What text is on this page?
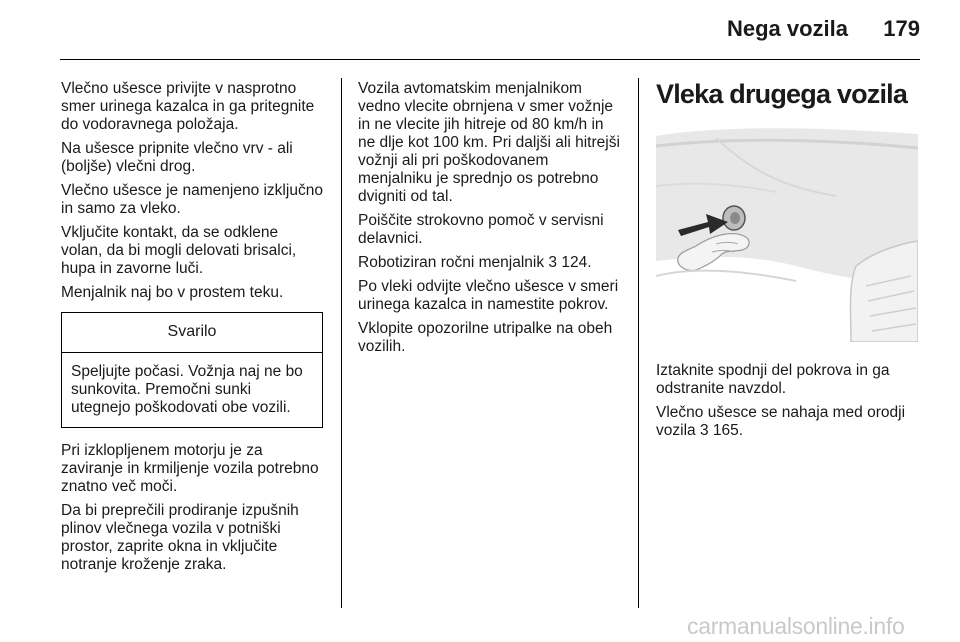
Nega vozila	179

Vlečno ušesce privijte v nasprotno smer urinega kazalca in ga pritegnite do vodoravnega položaja.

Na ušesce pripnite vlečno vrv - ali (boljše) vlečni drog.

Vlečno ušesce je namenjeno izključno in samo za vleko.

Vključite kontakt, da se odklene volan, da bi mogli delovati brisalci, hupa in zavorne luči.

Menjalnik naj bo v prostem teku.

Svarilo
Speljujte počasi. Vožnja naj ne bo sunkovita. Premočni sunki utegnejo poškodovati obe vozili.

Pri izklopljenem motorju je za zaviranje in krmiljenje vozila potrebno znatno več moči.

Da bi preprečili prodiranje izpušnih plinov vlečnega vozila v potniški prostor, zaprite okna in vključite notranje kroženje zraka.

Vozila avtomatskim menjalnikom vedno vlecite obrnjena v smer vožnje in ne vlecite jih hitreje od 80 km/h in ne dlje kot 100 km. Pri daljši ali hitrejši vožnji ali pri poškodovanem menjalniku je sprednjo os potrebno dvigniti od tal.

Poiščite strokovno pomoč v servisni delavnici.

Robotiziran ročni menjalnik 3 124.

Po vleki odvijte vlečno ušesce v smeri urinega kazalca in namestite pokrov.

Vklopite opozorilne utripalke na obeh vozilih.

Vleka drugega vozila

Iztaknite spodnji del pokrova in ga odstranite navzdol.

Vlečno ušesce se nahaja med orodji vozila 3 165.

carmanualsonline.info
